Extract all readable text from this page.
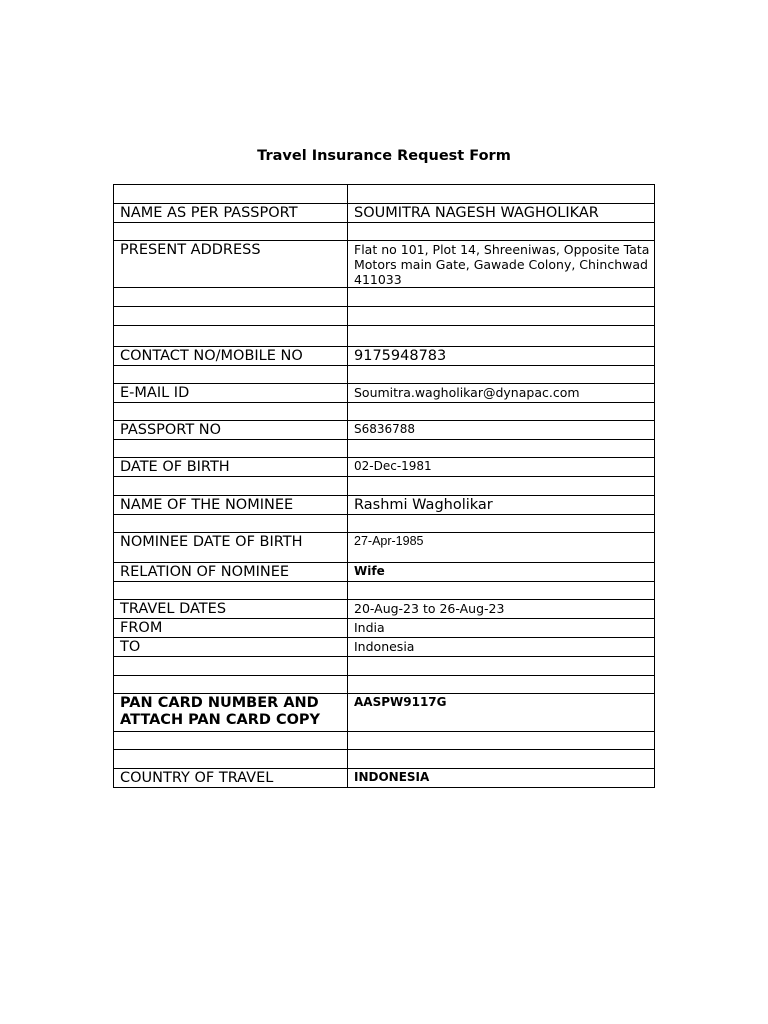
Travel Insurance Request Form

NAME AS PER PASSPORT	SOUMITRA NAGESH WAGHOLIKAR

PRESENT ADDRESS	Flat no 101, Plot 14, Shreeniwas, Opposite Tata Motors main Gate, Gawade Colony, Chinchwad 411033

CONTACT NO/MOBILE NO	9175948783

E-MAIL ID	Soumitra.wagholikar@dynapac.com

PASSPORT NO	S6836788

DATE OF BIRTH	02-Dec-1981

NAME OF THE NOMINEE	Rashmi Wagholikar

NOMINEE DATE OF BIRTH	27-Apr-1985
RELATION OF NOMINEE	Wife

TRAVEL DATES	20-Aug-23 to 26-Aug-23
FROM	India
TO	Indonesia

PAN CARD NUMBER AND ATTACH PAN CARD COPY	AASPW9117G

COUNTRY OF TRAVEL	INDONESIA
